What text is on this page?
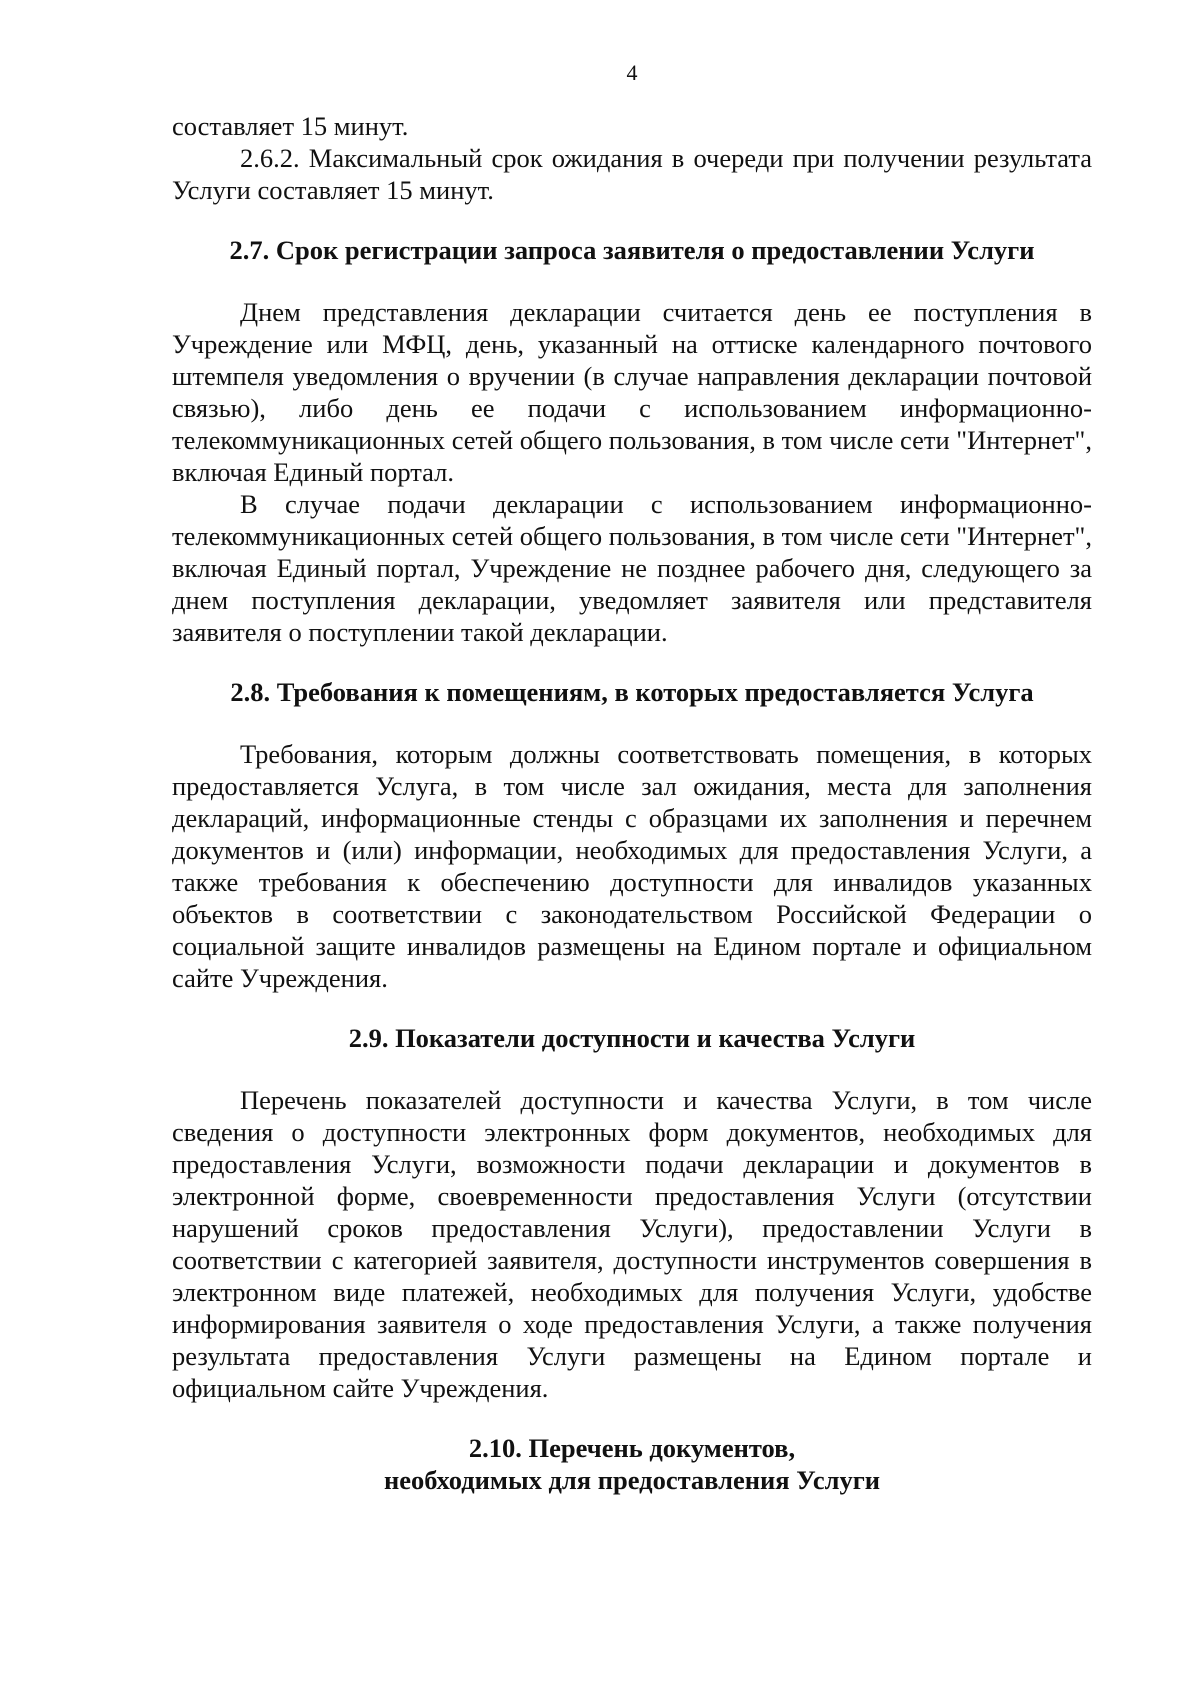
4

составляет 15 минут.

2.6.2. Максимальный срок ожидания в очереди при получении результата Услуги составляет 15 минут.

2.7. Срок регистрации запроса заявителя о предоставлении Услуги

Днем представления декларации считается день ее поступления в Учреждение или МФЦ, день, указанный на оттиске календарного почтового штемпеля уведомления о вручении (в случае направления декларации почтовой связью), либо день ее подачи с использованием информационно-телекоммуникационных сетей общего пользования, в том числе сети "Интернет", включая Единый портал.

В случае подачи декларации с использованием информационно-телекоммуникационных сетей общего пользования, в том числе сети "Интернет", включая Единый портал, Учреждение не позднее рабочего дня, следующего за днем поступления декларации, уведомляет заявителя или представителя заявителя о поступлении такой декларации.

2.8. Требования к помещениям, в которых предоставляется Услуга

Требования, которым должны соответствовать помещения, в которых предоставляется Услуга, в том числе зал ожидания, места для заполнения деклараций, информационные стенды с образцами их заполнения и перечнем документов и (или) информации, необходимых для предоставления Услуги, а также требования к обеспечению доступности для инвалидов указанных объектов в соответствии с законодательством Российской Федерации о социальной защите инвалидов размещены на Едином портале и официальном сайте Учреждения.

2.9. Показатели доступности и качества Услуги

Перечень показателей доступности и качества Услуги, в том числе сведения о доступности электронных форм документов, необходимых для предоставления Услуги, возможности подачи декларации и документов в электронной форме, своевременности предоставления Услуги (отсутствии нарушений сроков предоставления Услуги), предоставлении Услуги в соответствии с категорией заявителя, доступности инструментов совершения в электронном виде платежей, необходимых для получения Услуги, удобстве информирования заявителя о ходе предоставления Услуги, а также получения результата предоставления Услуги размещены на Едином портале и официальном сайте Учреждения.

2.10. Перечень документов,
необходимых для предоставления Услуги
